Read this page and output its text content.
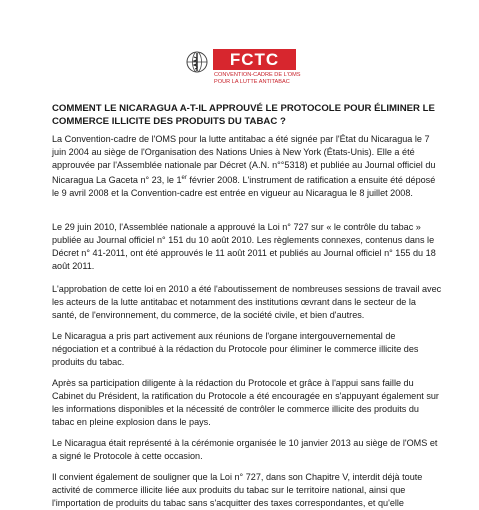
FCTC
CONVENTION-CADRE DE L'OMS
POUR LA LUTTE ANTITABAC
COMMENT LE NICARAGUA A-T-IL APPROUVÉ LE PROTOCOLE POUR ÉLIMINER LE COMMERCE ILLICITE DES PRODUITS DU TABAC ?

La Convention-cadre de l'OMS pour la lutte antitabac a été signée par l'État du Nicaragua le 7 juin 2004 au siège de l'Organisation des Nations Unies à New York (États-Unis). Elle a été approuvée par l'Assemblée nationale par Décret (A.N. n°°5318) et publiée au Journal officiel du Nicaragua La Gaceta n° 23, le 1er février 2008. L'instrument de ratification a ensuite été déposé le 9 avril 2008 et la Convention-cadre est entrée en vigueur au Nicaragua le 8 juillet 2008.

Le 29 juin 2010, l'Assemblée nationale a approuvé la Loi n° 727 sur « le contrôle du tabac » publiée au Journal officiel n° 151 du 10 août 2010. Les règlements connexes, contenus dans le Décret n° 41-2011, ont été approuvés le 11 août 2011 et publiés au Journal officiel n° 155 du 18 août 2011.
L'approbation de cette loi en 2010 a été l'aboutissement de nombreuses sessions de travail avec les acteurs de la lutte antitabac et notamment des institutions œvrant dans le secteur de la santé, de l'environnement, du commerce, de la société civile, et bien d'autres.
Le Nicaragua a pris part activement aux réunions de l'organe intergouvernemental de négociation et a contribué à la rédaction du Protocole pour éliminer le commerce illicite des produits du tabac.
Après sa participation diligente à la rédaction du Protocole et grâce à l'appui sans faille du Cabinet du Président, la ratification du Protocole a été encouragée en s'appuyant également sur les informations disponibles et la nécessité de contrôler le commerce illicite des produits du tabac en pleine explosion dans le pays.
Le Nicaragua était représenté à la cérémonie organisée le 10 janvier 2013 au siège de l'OMS et a signé le Protocole à cette occasion.
Il convient également de souligner que la Loi n° 727, dans son Chapitre V, interdit déjà toute activité de commerce illicite liée aux produits du tabac sur le territoire national, ainsi que l'importation de produits du tabac sans s'acquitter des taxes correspondantes, et qu'elle
